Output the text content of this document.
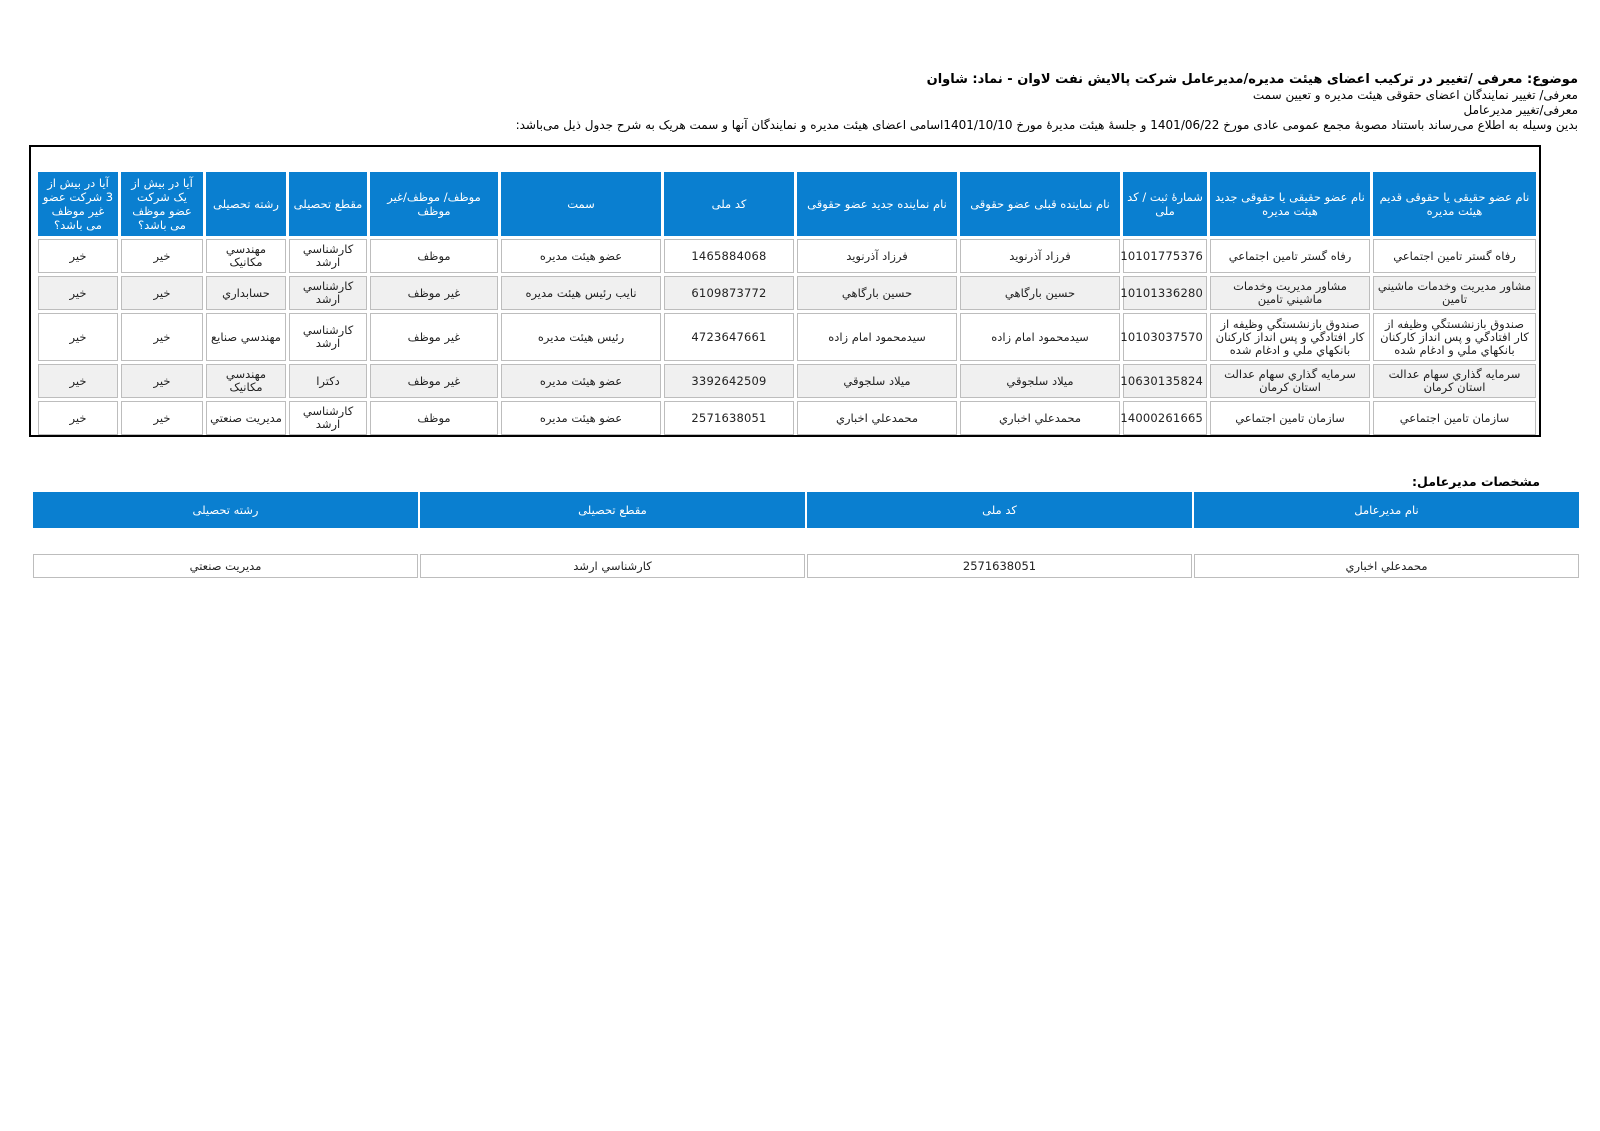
موضوع: معرفی /تغییر در ترکیب اعضای هیئت مدیره/مدیرعامل شرکت پالایش نفت لاوان - نماد: شاوان
معرفی/ تغییر نمایندگان اعضای حقوقی هیئت مدیره و تعیین سمت
معرفی/تغییر مدیرعامل
بدین وسیله به اطلاع می‌رساند باستناد مصوبهٔ مجمع عمومی عادی مورخ 1401/06/22 و جلسهٔ هیئت مدیرهٔ مورخ 1401/10/10اسامی اعضای هیئت مدیره و نمایندگان آنها و سمت هریک به شرح جدول ذیل می‌باشد:
نام عضو حقیقی یا حقوقی قدیم هیئت مدیره	نام عضو حقیقی یا حقوقی جدید هیئت مدیره	شمارهٔ ثبت / کد ملی	نام نماینده قبلی عضو حقوقی	نام نماینده جدید عضو حقوقی	کد ملی	سمت	موظف/ موظف/غیر موظف	مقطع تحصیلی	رشته تحصیلی	آیا در بیش از یک شرکت عضو موظف می باشد؟	آیا در بیش از 3 شرکت عضو غیر موظف می باشد؟
رفاه گستر تامين اجتماعي	رفاه گستر تامين اجتماعي	10101775376	فرزاد آذرنويد	فرزاد آذرنويد	1465884068	عضو هيئت مديره	موظف	كارشناسي ارشد	مهندسي مكانيک	خير	خير
مشاور مديريت وخدمات ماشيني تامين	مشاور مديريت وخدمات ماشيني تامين	10101336280	حسين بارگاهي	حسين بارگاهي	6109873772	نايب رئيس هيئت مديره	غير موظف	كارشناسي ارشد	حسابداري	خير	خير
صندوق بازنشستگي وظيفه از كار افتادگي و پس انداز كاركنان بانكهاي ملي و ادغام شده	صندوق بازنشستگي وظيفه از كار افتادگي و پس انداز كاركنان بانكهاي ملي و ادغام شده	10103037570	سيدمحمود امام زاده	سيدمحمود امام زاده	4723647661	رئيس هيئت مديره	غير موظف	كارشناسي ارشد	مهندسي صنايع	خير	خير
سرمايه گذاري سهام عدالت استان كرمان	سرمايه گذاري سهام عدالت استان كرمان	10630135824	ميلاد سلجوقي	ميلاد سلجوقي	3392642509	عضو هيئت مديره	غير موظف	دكترا	مهندسي مكانيک	خير	خير
سازمان تامين اجتماعي	سازمان تامين اجتماعي	14000261665	محمدعلي اخباري	محمدعلي اخباري	2571638051	عضو هيئت مديره	موظف	كارشناسي ارشد	مديريت صنعتي	خير	خير
مشخصات مدیرعامل:
نام مدیرعامل	کد ملی	مقطع تحصیلی	رشته تحصیلی

محمدعلي اخباري	2571638051	كارشناسي ارشد	مديريت صنعتي
